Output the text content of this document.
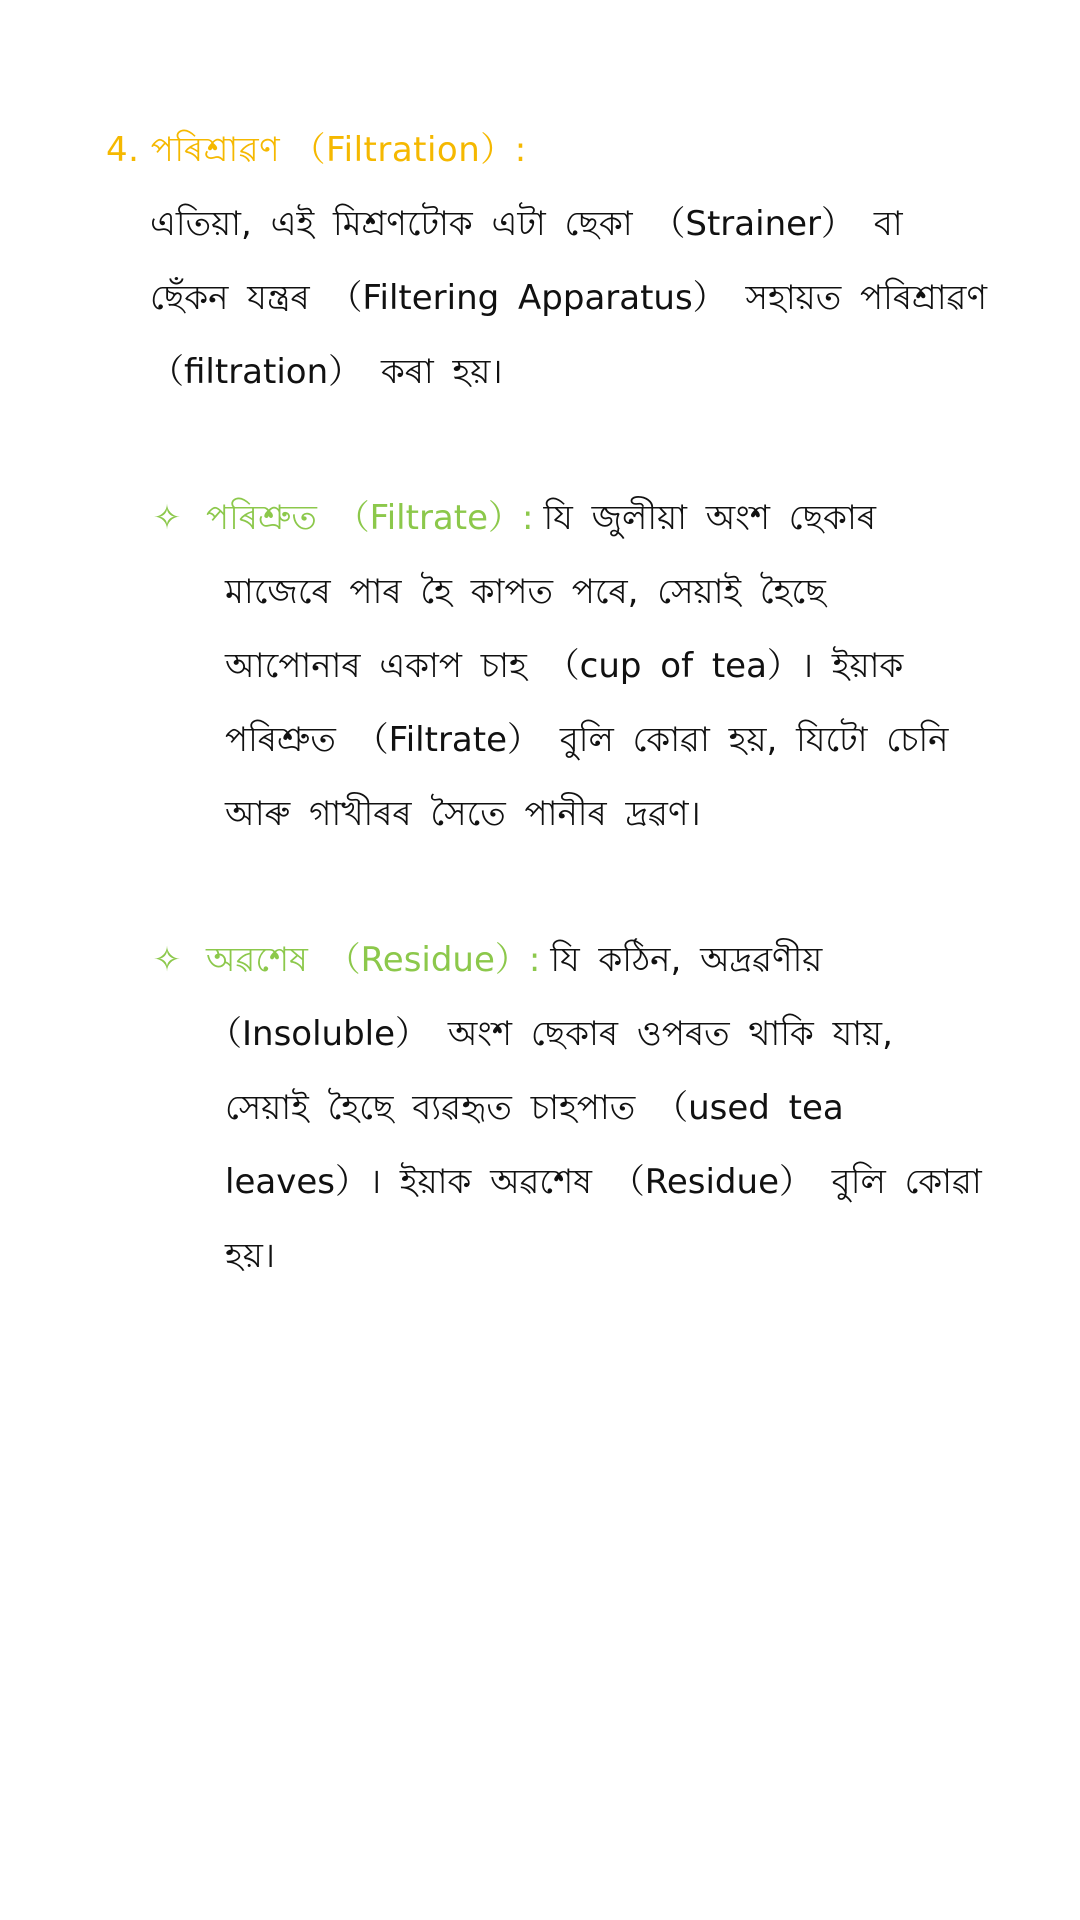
4. পৰিশ্ৰাৱণ （Filtration）:
এতিয়া, এই মিশ্ৰণটোক এটা ছেকা （Strainer） বা
ছেঁকন যন্ত্ৰৰ （Filtering Apparatus） সহায়ত পৰিশ্ৰাৱণ
（filtration） কৰা হয়।
✧ পৰিশ্ৰুত （Filtrate）: যি জুলীয়া অংশ ছেকাৰ
মাজেৰে পাৰ হৈ কাপত পৰে, সেয়াই হৈছে
আপোনাৰ একাপ চাহ （cup of tea）। ইয়াক
পৰিশ্ৰুত （Filtrate） বুলি কোৱা হয়, যিটো চেনি
আৰু গাখীৰৰ সৈতে পানীৰ দ্ৰৱণ।
✧ অৱশেষ （Residue）: যি কঠিন, অদ্ৰৱণীয়
（Insoluble） অংশ ছেকাৰ ওপৰত থাকি যায়,
সেয়াই হৈছে ব্যৱহৃত চাহপাত （used tea
leaves）। ইয়াক অৱশেষ （Residue） বুলি কোৱা
হয়।
